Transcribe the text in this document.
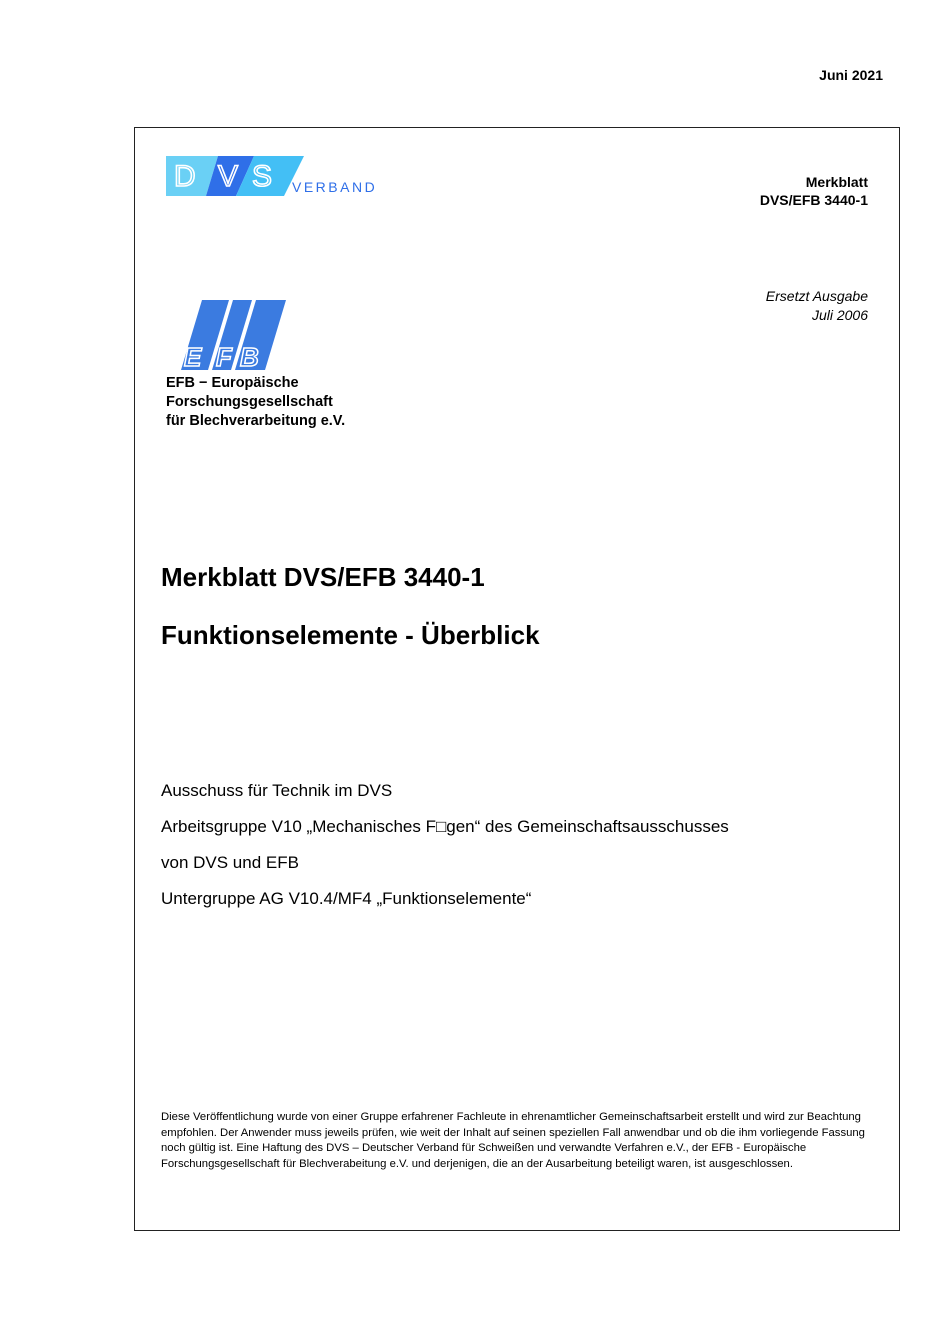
Juni 2021
D V S VERBAND	Merkblatt
DVS/EFB 3440-1
Ersetzt Ausgabe
Juli 2006
E F B
EFB − Europäische
Forschungsgesellschaft
für Blechverarbeitung e.V.
Merkblatt DVS/EFB 3440-1
Funktionselemente - Überblick
Ausschuss für Technik im DVS
Arbeitsgruppe V10 „Mechanisches F□gen“ des Gemeinschaftsausschusses
von DVS und EFB
Untergruppe AG V10.4/MF4 „Funktionselemente“
Diese Veröffentlichung wurde von einer Gruppe erfahrener Fachleute in ehrenamtlicher Gemeinschaftsarbeit erstellt und wird zur Beachtung empfohlen. Der Anwender muss jeweils prüfen, wie weit der Inhalt auf seinen speziellen Fall anwendbar und ob die ihm vorliegende Fassung noch gültig ist. Eine Haftung des DVS – Deutscher Verband für Schweißen und verwandte Verfahren e.V., der EFB - Europäische Forschungsgesellschaft für Blechverabeitung e.V. und derjenigen, die an der Ausarbeitung beteiligt waren, ist ausgeschlossen.
